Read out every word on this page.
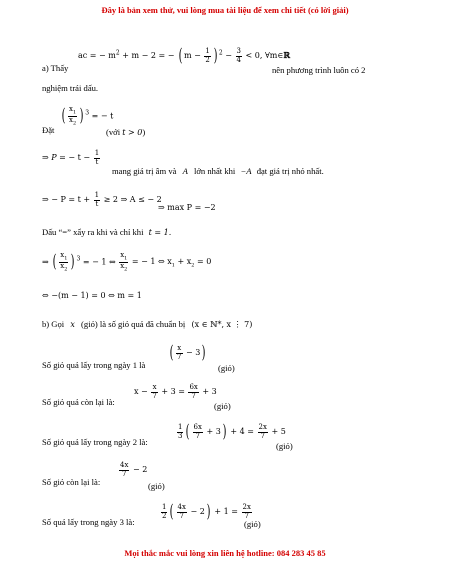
Đây là bản xem thử, vui lòng mua tài liệu để xem chi tiết (có lời giải)
a) Thấy
ac = − $m^2 + m - 2$ = − ( $m - \frac{1}{2}$ ) $^2 - \frac{3}{4} < 0$, ∀m∈ℝ
nên phương trình luôn có 2
nghiệm trái dấu.
Đặt
( $\frac{x_1}{x_2}$ ) $^3$ = − t
(với t > 0)
⇒ P = − $t - \frac{1}{t}$
mang giá trị âm và A lớn nhất khi −A đạt giá trị nhỏ nhất.
⇒ − $P = t + \frac{1}{t} \ge 2$ ⇒ A ≤ − 2
⇒ max P = −2
Dấu “=” xẩy ra khi và chỉ khi t = 1.
⇒ ( $\frac{x_1}{x_2}$ ) $^3$ = − 1 ⇔ $\frac{x_1}{x_2}$ = − 1 ⇔ $x_1 + x_2 = 0$
⇔ −(m − 1) = 0 ⇔ m = 1
b) Gọi x (giỏ) là số giỏ quả đã chuẩn bị (x ∈ ℕ*, x ⋮ 7)
Số giỏ quả lấy trong ngày 1 là
( $\frac{x}{7} - 3$)
(giỏ)
Số giỏ quả còn lại là:
$x - \frac{x}{7} + 3 = \frac{6x}{7} + 3$
(giỏ)
Số giỏ quả lấy trong ngày 2 là:
$\frac{1}{3}$ ( $\frac{6x}{7} + 3) + 4 = \frac{2x}{7} + 5$
(giỏ)
Số giỏ còn lại là:
$\frac{4x}{7} - 2$
(giỏ)
Số quả lấy trong ngày 3 là:
$\frac{1}{2}$ ( $\frac{4x}{7} - 2) + 1 = \frac{2x}{7}$
(giỏ)
Mọi thắc mắc vui lòng xin liên hệ hotline: 084 283 45 85
